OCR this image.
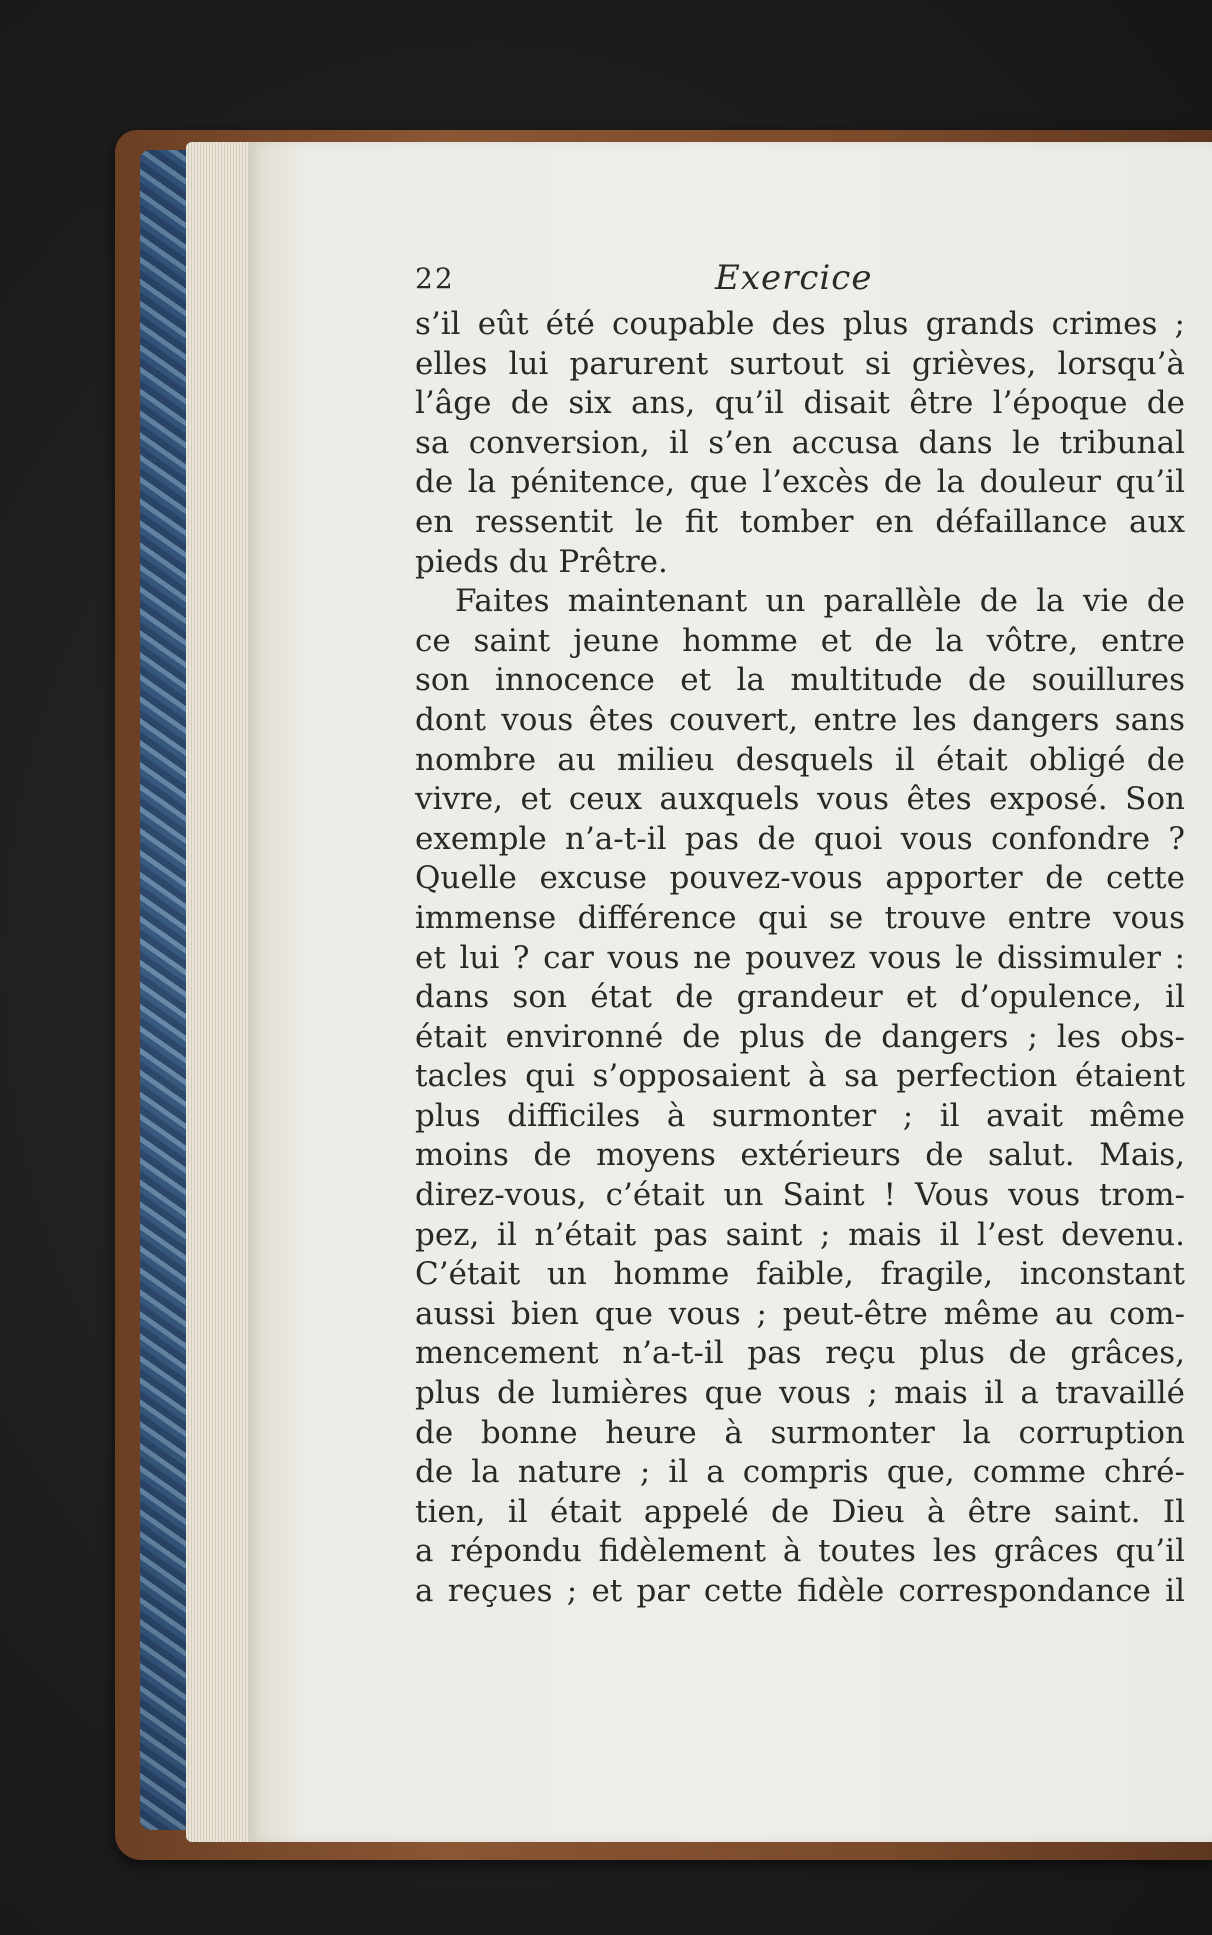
22	Exercice
s’il eût été coupable des plus grands crimes ;
elles lui parurent surtout si grièves, lorsqu’à
l’âge de six ans, qu’il disait être l’époque de
sa conversion, il s’en accusa dans le tribunal
de la pénitence, que l’excès de la douleur qu’il
en ressentit le fit tomber en défaillance aux
pieds du Prêtre.
Faites maintenant un parallèle de la vie de
ce saint jeune homme et de la vôtre, entre
son innocence et la multitude de souillures
dont vous êtes couvert, entre les dangers sans
nombre au milieu desquels il était obligé de
vivre, et ceux auxquels vous êtes exposé. Son
exemple n’a-t-il pas de quoi vous confondre ?
Quelle excuse pouvez-vous apporter de cette
immense différence qui se trouve entre vous
et lui ? car vous ne pouvez vous le dissimuler :
dans son état de grandeur et d’opulence, il
était environné de plus de dangers ; les obs-
tacles qui s’opposaient à sa perfection étaient
plus difficiles à surmonter ; il avait même
moins de moyens extérieurs de salut. Mais,
direz-vous, c’était un Saint ! Vous vous trom-
pez, il n’était pas saint ; mais il l’est devenu.
C’était un homme faible, fragile, inconstant
aussi bien que vous ; peut-être même au com-
mencement n’a-t-il pas reçu plus de grâces,
plus de lumières que vous ; mais il a travaillé
de bonne heure à surmonter la corruption
de la nature ; il a compris que, comme chré-
tien, il était appelé de Dieu à être saint. Il
a répondu fidèlement à toutes les grâces qu’il
a reçues ; et par cette fidèle correspondance il
